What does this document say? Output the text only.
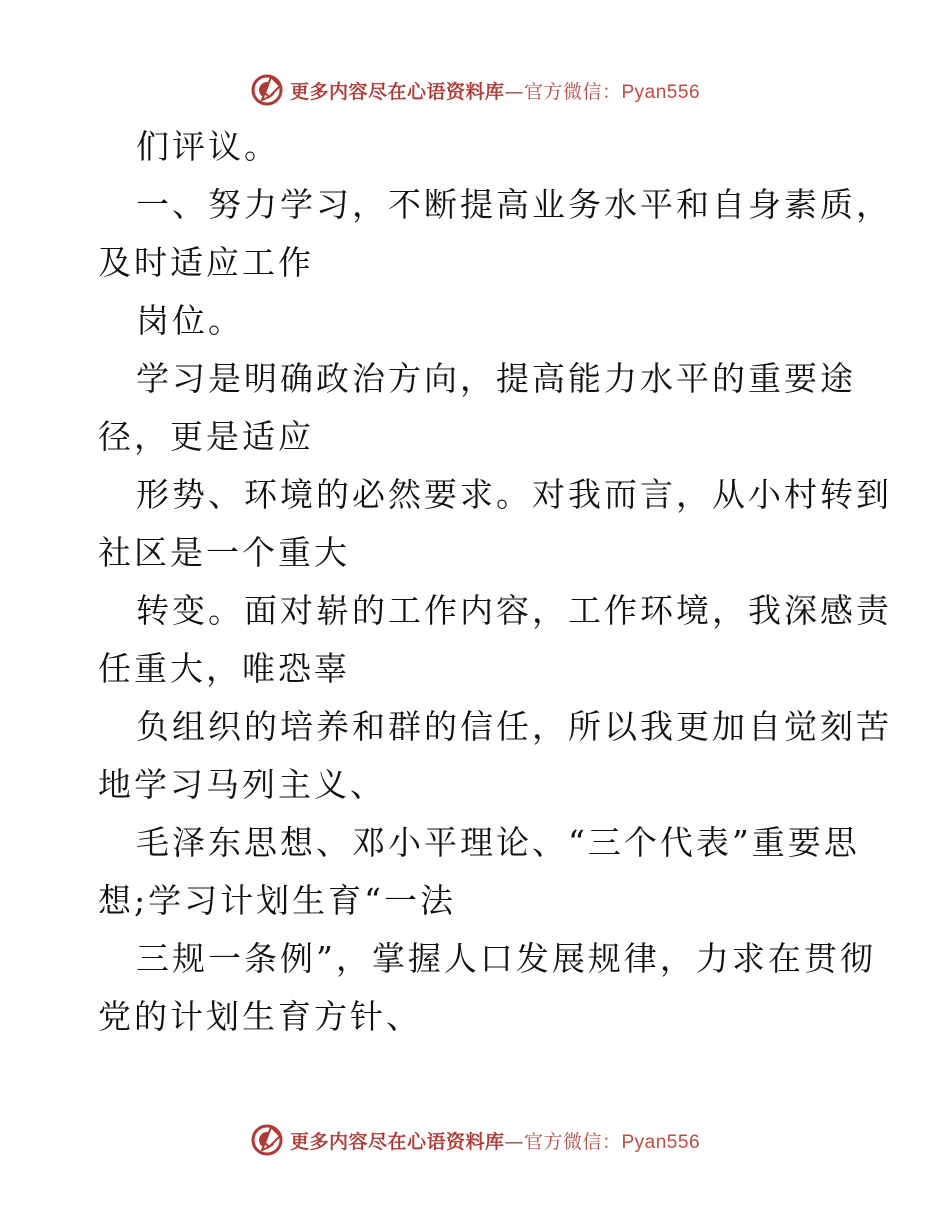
更多内容尽在心语资料库—官方微信：Pyan556
们评议。
一、努力学习，不断提高业务水平和自身素质，
及时适应工作
岗位。
学习是明确政治方向，提高能力水平的重要途
径，更是适应
形势、环境的必然要求。对我而言，从小村转到
社区是一个重大
转变。面对崭的工作内容，工作环境，我深感责
任重大，唯恐辜
负组织的培养和群的信任，所以我更加自觉刻苦
地学习马列主义、
毛泽东思想、邓小平理论、“三个代表”重要思
想;学习计划生育“一法
三规一条例”，掌握人口发展规律，力求在贯彻
党的计划生育方针、
更多内容尽在心语资料库—官方微信：Pyan556
